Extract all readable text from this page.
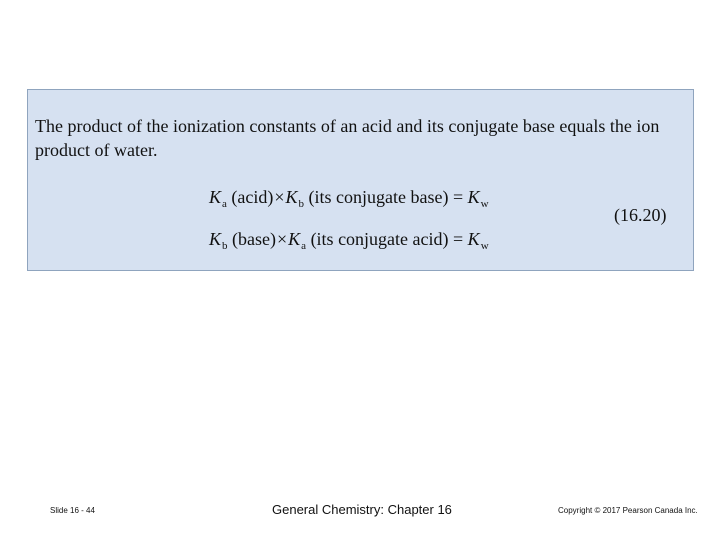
The product of the ionization constants of an acid and its conjugate base equals the ion product of water.

$K_a$ $(acid)\times K_b$ (its conjugate base) = $K_w$
(16.20)
$K_b$ $(base)\times K_a$ (its conjugate acid) = $K_w$
Slide 16 - 44	General Chemistry: Chapter 16	Copyright © 2017 Pearson Canada Inc.
